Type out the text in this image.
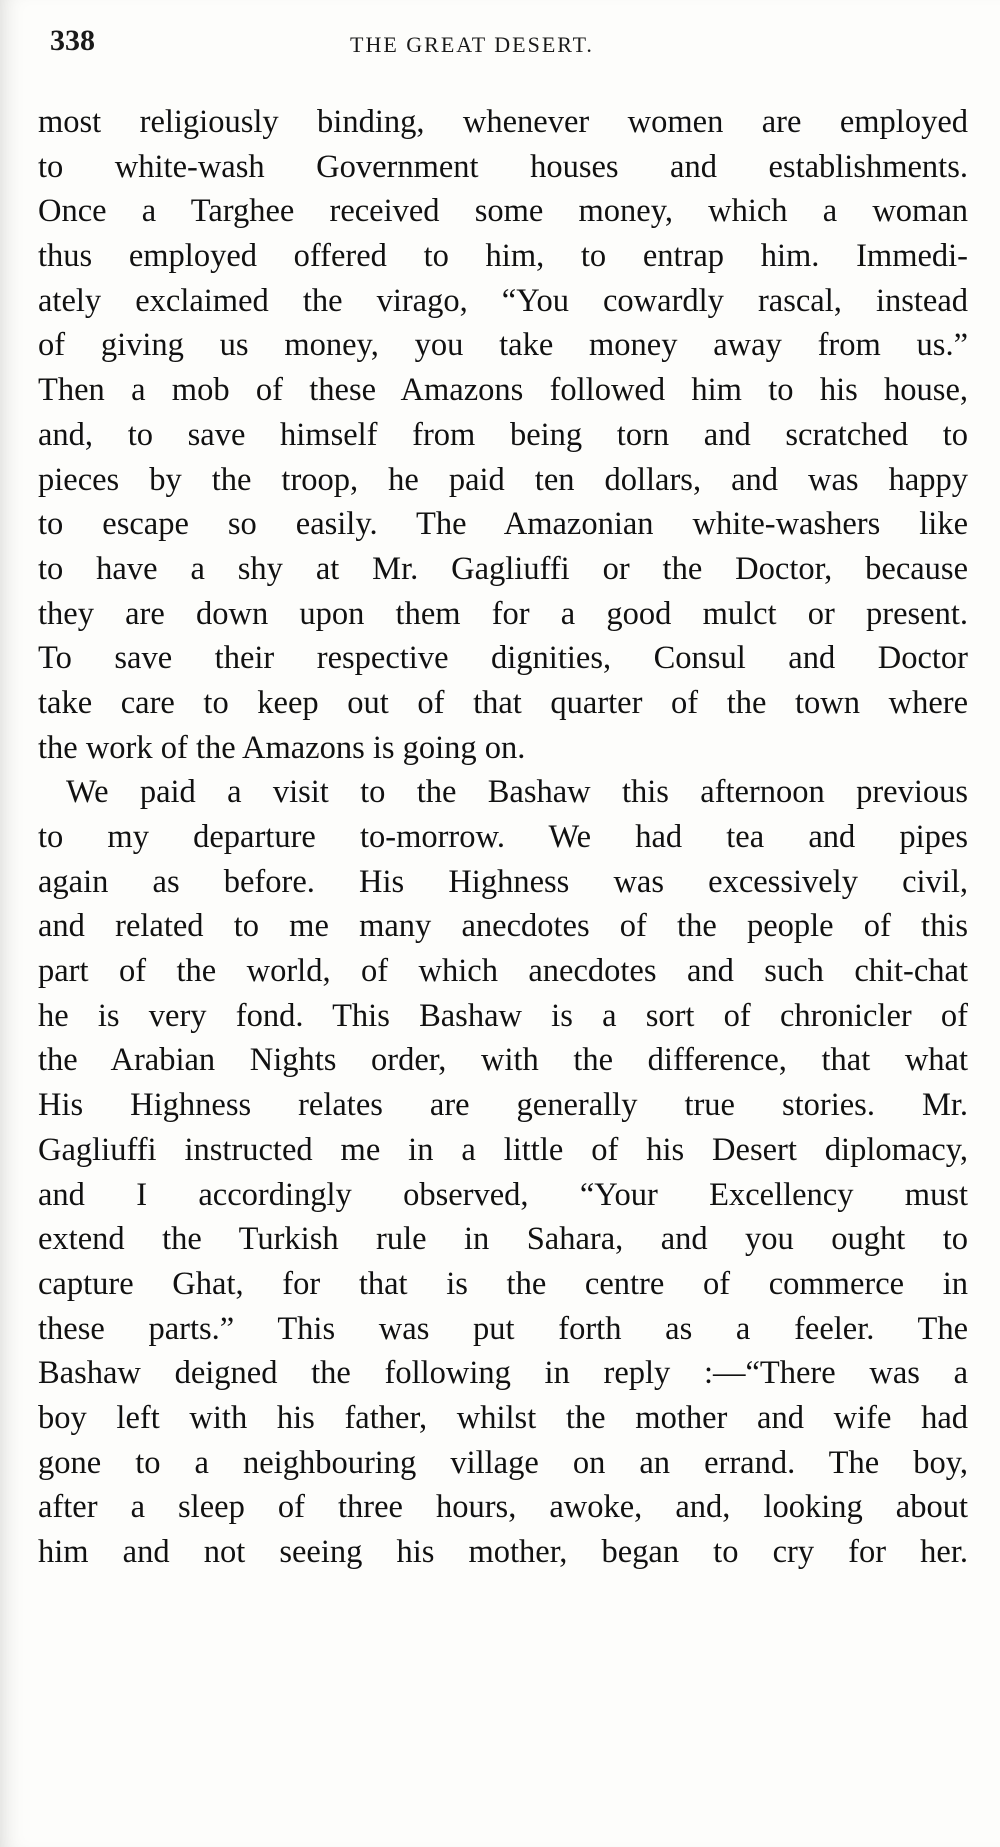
338	THE GREAT DESERT.
most religiously binding, whenever women are employed
to white-wash Government houses and establishments.
Once a Targhee received some money, which a woman
thus employed offered to him, to entrap him. Immedi-
ately exclaimed the virago, “You cowardly rascal, instead
of giving us money, you take money away from us.”
Then a mob of these Amazons followed him to his house,
and, to save himself from being torn and scratched to
pieces by the troop, he paid ten dollars, and was happy
to escape so easily. The Amazonian white-washers like
to have a shy at Mr. Gagliuffi or the Doctor, because
they are down upon them for a good mulct or present.
To save their respective dignities, Consul and Doctor
take care to keep out of that quarter of the town where
the work of the Amazons is going on.
We paid a visit to the Bashaw this afternoon previous
to my departure to-morrow. We had tea and pipes
again as before. His Highness was excessively civil,
and related to me many anecdotes of the people of this
part of the world, of which anecdotes and such chit-chat
he is very fond. This Bashaw is a sort of chronicler of
the Arabian Nights order, with the difference, that what
His Highness relates are generally true stories. Mr.
Gagliuffi instructed me in a little of his Desert diplomacy,
and I accordingly observed, “Your Excellency must
extend the Turkish rule in Sahara, and you ought to
capture Ghat, for that is the centre of commerce in
these parts.” This was put forth as a feeler. The
Bashaw deigned the following in reply :—“There was a
boy left with his father, whilst the mother and wife had
gone to a neighbouring village on an errand. The boy,
after a sleep of three hours, awoke, and, looking about
him and not seeing his mother, began to cry for her.
